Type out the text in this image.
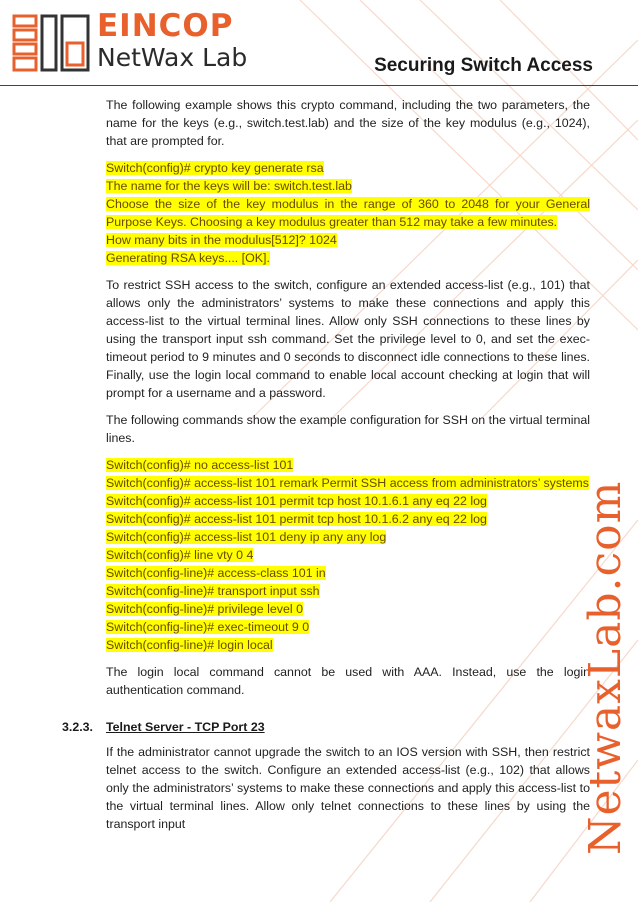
EINCOP
NetWax Lab	Securing Switch Access

The following example shows this crypto command, including the two parameters, the name for the keys (e.g., switch.test.lab) and the size of the key modulus (e.g., 1024), that are prompted for.

Switch(config)# crypto key generate rsa
The name for the keys will be: switch.test.lab
Choose the size of the key modulus in the range of 360 to 2048 for your General Purpose Keys. Choosing a key modulus greater than 512 may take a few minutes.
How many bits in the modulus[512]? 1024
Generating RSA keys.... [OK].

To restrict SSH access to the switch, configure an extended access-list (e.g., 101) that allows only the administrators’ systems to make these connections and apply this access-list to the virtual terminal lines. Allow only SSH connections to these lines by using the transport input ssh command. Set the privilege level to 0, and set the exec-timeout period to 9 minutes and 0 seconds to disconnect idle connections to these lines. Finally, use the login local command to enable local account checking at login that will prompt for a username and a password.

The following commands show the example configuration for SSH on the virtual terminal lines.

Switch(config)# no access-list 101
Switch(config)# access-list 101 remark Permit SSH access from administrators’ systems
Switch(config)# access-list 101 permit tcp host 10.1.6.1 any eq 22 log
Switch(config)# access-list 101 permit tcp host 10.1.6.2 any eq 22 log
Switch(config)# access-list 101 deny ip any any log
Switch(config)# line vty 0 4
Switch(config-line)# access-class 101 in
Switch(config-line)# transport input ssh
Switch(config-line)# privilege level 0
Switch(config-line)# exec-timeout 9 0
Switch(config-line)# login local

The login local command cannot be used with AAA. Instead, use the login authentication command.

3.2.3. Telnet Server - TCP Port 23

If the administrator cannot upgrade the switch to an IOS version with SSH, then restrict telnet access to the switch. Configure an extended access-list (e.g., 102) that allows only the administrators’ systems to make these connections and apply this access-list to the virtual terminal lines. Allow only telnet connections to these lines by using the transport input	NetwaxLab.com
